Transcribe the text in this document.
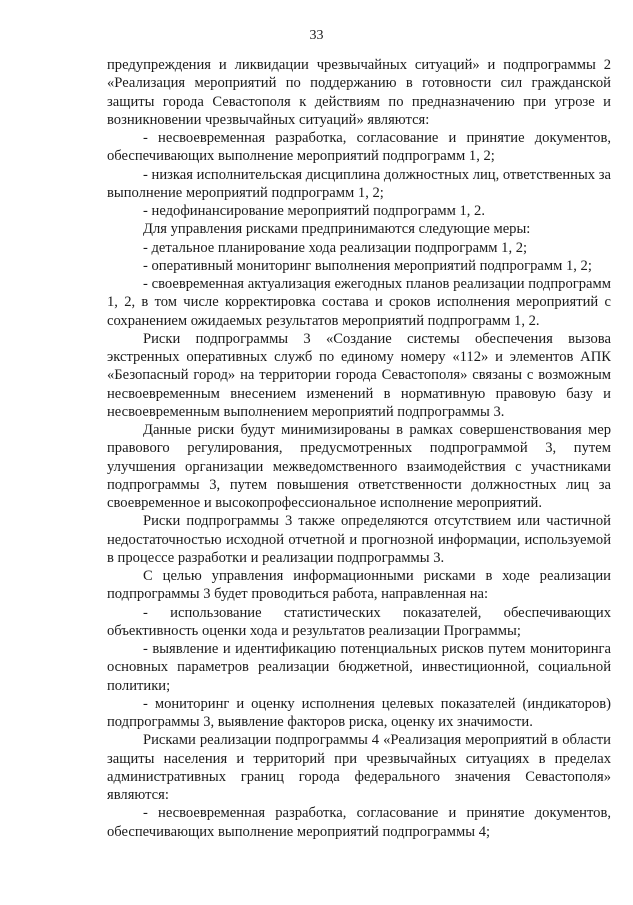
33

предупреждения и ликвидации чрезвычайных ситуаций» и подпрограммы 2 «Реализация мероприятий по поддержанию в готовности сил гражданской защиты города Севастополя к действиям по предназначению при угрозе и возникновении чрезвычайных ситуаций» являются:

- несвоевременная разработка, согласование и принятие документов, обеспечивающих выполнение мероприятий подпрограмм 1, 2;

- низкая исполнительская дисциплина должностных лиц, ответственных за выполнение мероприятий подпрограмм 1, 2;

- недофинансирование мероприятий подпрограмм 1, 2.

Для управления рисками предпринимаются следующие меры:

- детальное планирование хода реализации подпрограмм 1, 2;

- оперативный мониторинг выполнения мероприятий подпрограмм 1, 2;

- своевременная актуализация ежегодных планов реализации подпрограмм 1, 2, в том числе корректировка состава и сроков исполнения мероприятий с сохранением ожидаемых результатов мероприятий подпрограмм 1, 2.

Риски подпрограммы 3 «Создание системы обеспечения вызова экстренных оперативных служб по единому номеру «112» и элементов АПК «Безопасный город» на территории города Севастополя» связаны с возможным несвоевременным внесением изменений в нормативную правовую базу и несвоевременным выполнением мероприятий подпрограммы 3.

Данные риски будут минимизированы в рамках совершенствования мер правового регулирования, предусмотренных подпрограммой 3, путем улучшения организации межведомственного взаимодействия с участниками подпрограммы 3, путем повышения ответственности должностных лиц за своевременное и высокопрофессиональное исполнение мероприятий.

Риски подпрограммы 3 также определяются отсутствием или частичной недостаточностью исходной отчетной и прогнозной информации, используемой в процессе разработки и реализации подпрограммы 3.

С целью управления информационными рисками в ходе реализации подпрограммы 3 будет проводиться работа, направленная на:

- использование статистических показателей, обеспечивающих объективность оценки хода и результатов реализации Программы;

- выявление и идентификацию потенциальных рисков путем мониторинга основных параметров реализации бюджетной, инвестиционной, социальной политики;

- мониторинг и оценку исполнения целевых показателей (индикаторов) подпрограммы 3, выявление факторов риска, оценку их значимости.

Рисками реализации подпрограммы 4 «Реализация мероприятий в области защиты населения и территорий при чрезвычайных ситуациях в пределах административных границ города федерального значения Севастополя» являются:

- несвоевременная разработка, согласование и принятие документов, обеспечивающих выполнение мероприятий подпрограммы 4;
